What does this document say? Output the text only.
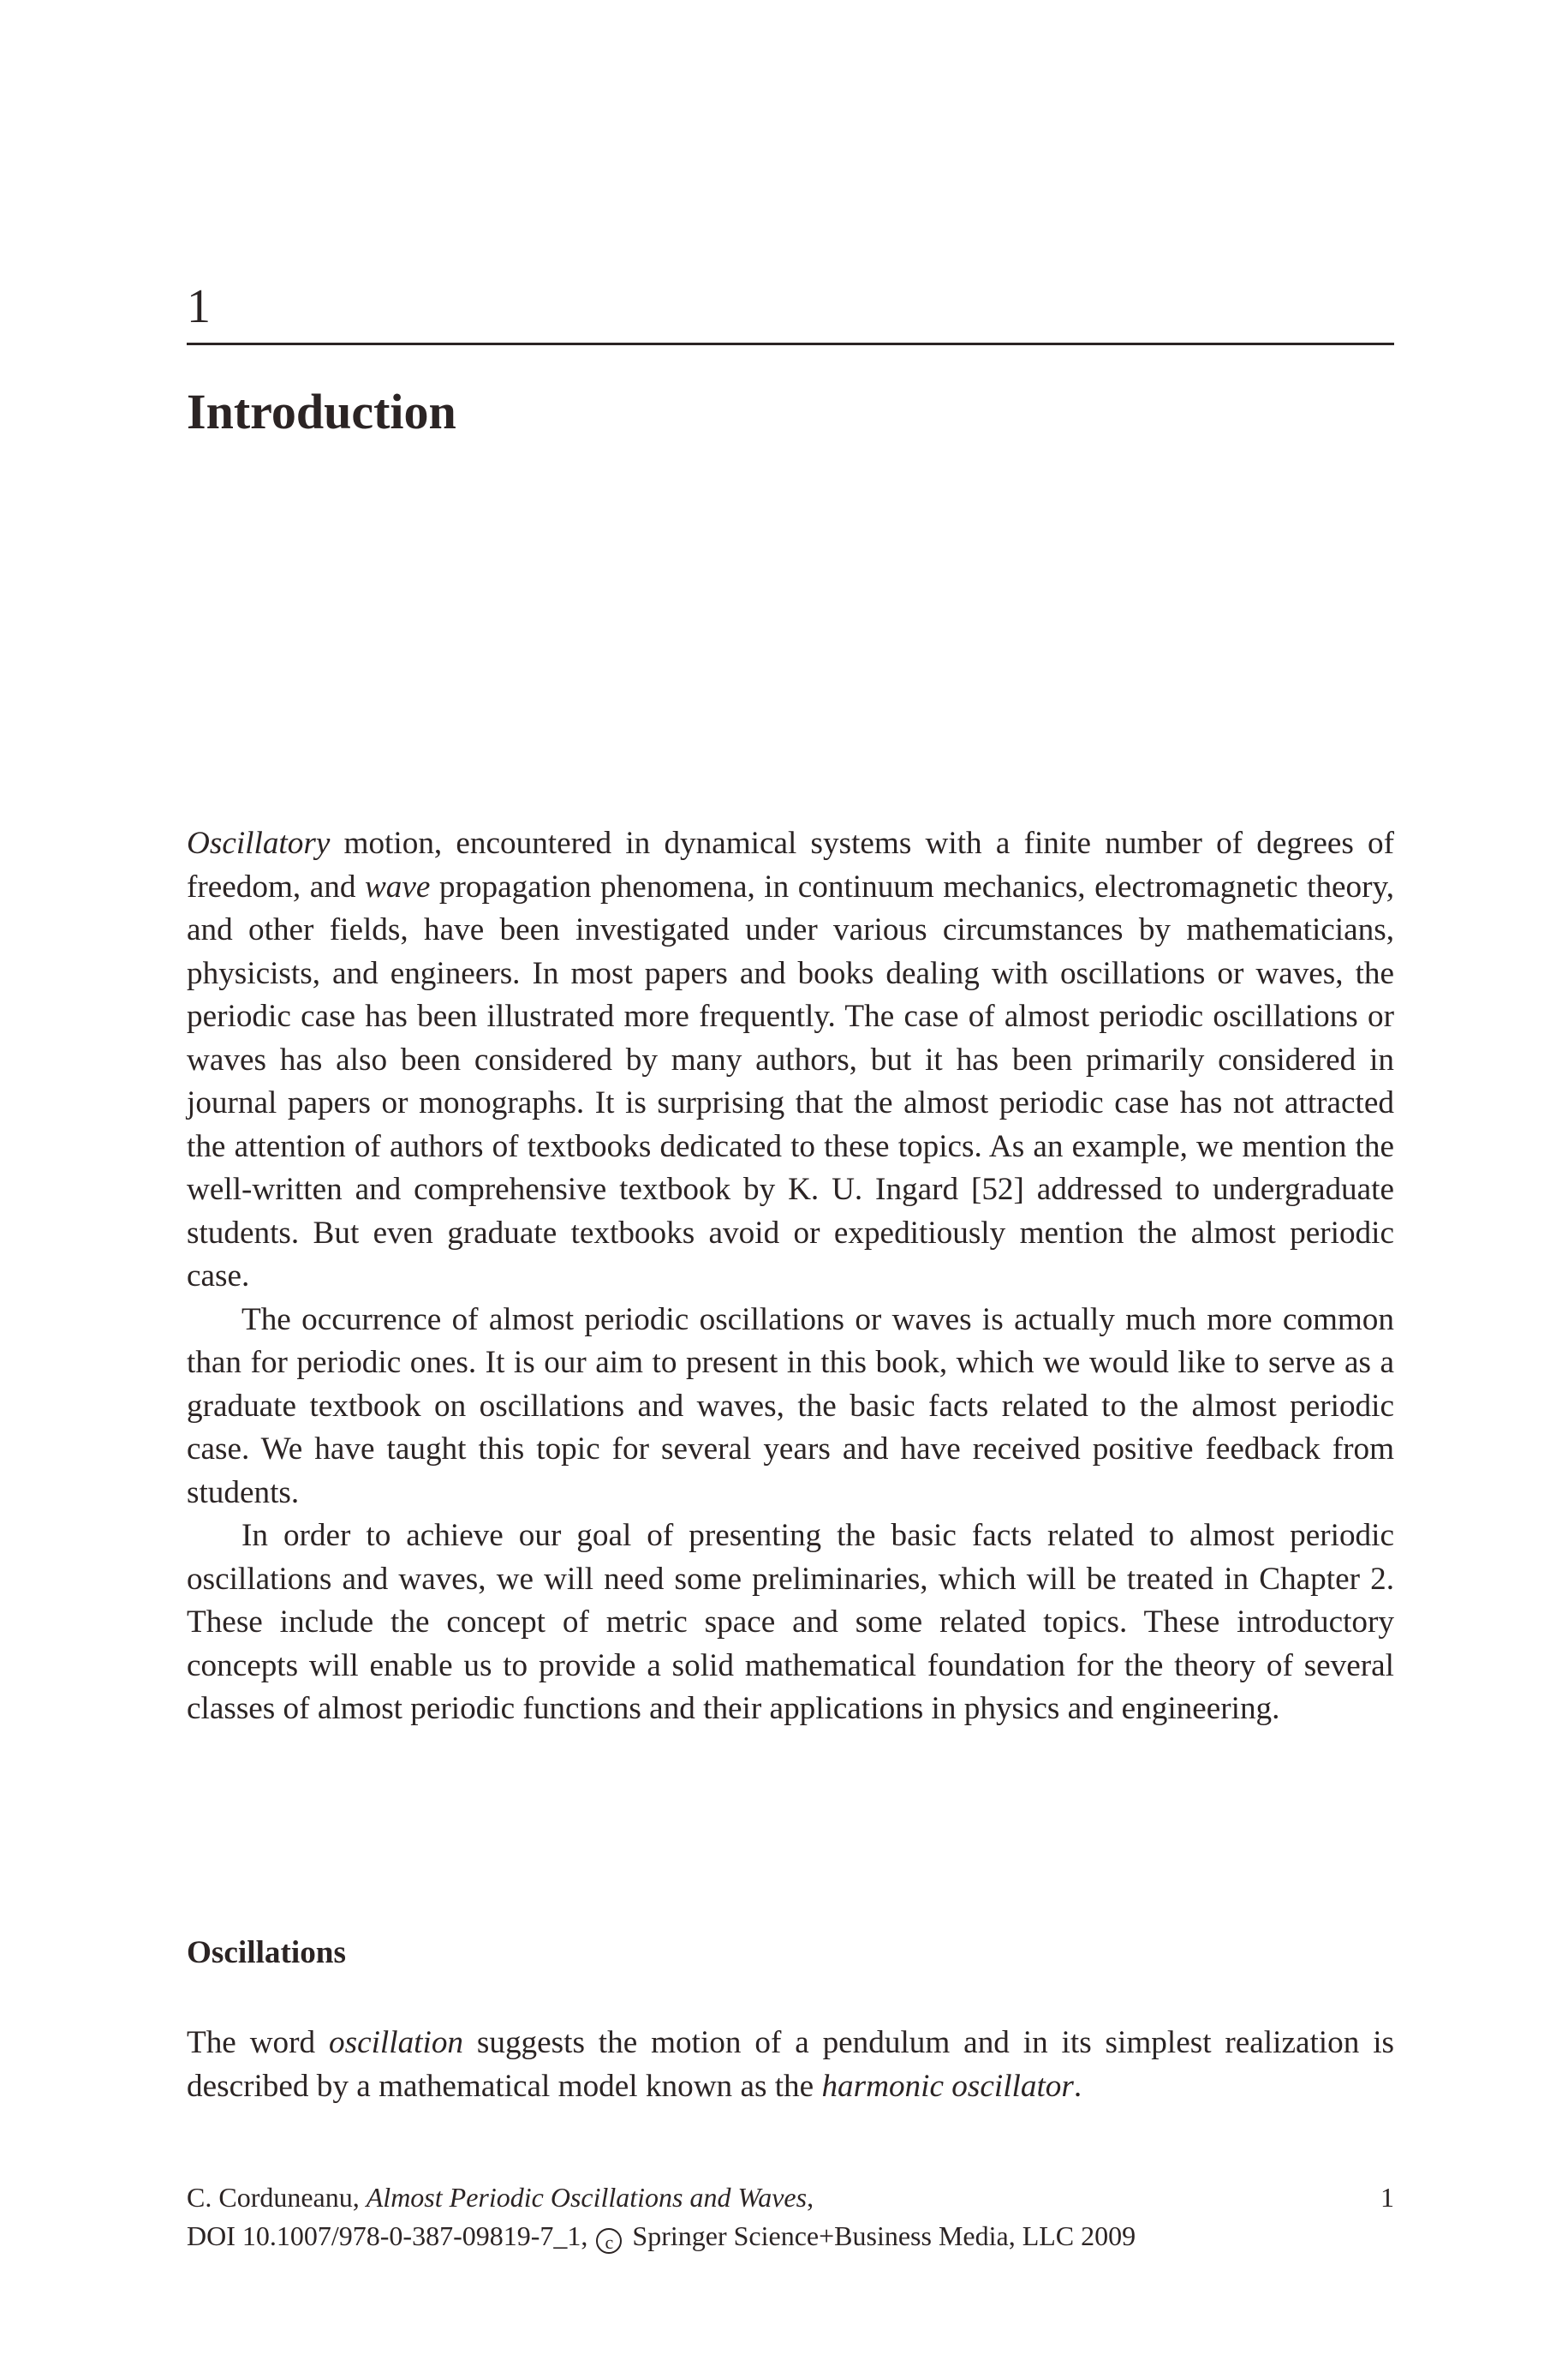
1
Introduction

Oscillatory motion, encountered in dynamical systems with a finite number of degrees of freedom, and wave propagation phenomena, in continuum mechanics, electromagnetic theory, and other fields, have been investigated under various circumstances by mathematicians, physicists, and engineers. In most papers and books dealing with oscillations or waves, the periodic case has been illustrated more frequently. The case of almost periodic oscillations or waves has also been considered by many authors, but it has been primarily considered in journal papers or monographs. It is surprising that the almost periodic case has not attracted the attention of authors of textbooks dedicated to these topics. As an example, we mention the well-written and comprehensive textbook by K. U. Ingard [52] addressed to undergraduate students. But even graduate textbooks avoid or expeditiously mention the almost periodic case.

The occurrence of almost periodic oscillations or waves is actually much more common than for periodic ones. It is our aim to present in this book, which we would like to serve as a graduate textbook on oscillations and waves, the basic facts related to the almost periodic case. We have taught this topic for several years and have received positive feedback from students.

In order to achieve our goal of presenting the basic facts related to almost periodic oscillations and waves, we will need some preliminaries, which will be treated in Chapter 2. These include the concept of metric space and some related topics. These introductory concepts will enable us to provide a solid mathematical foundation for the theory of several classes of almost periodic functions and their applications in physics and engineering.

Oscillations

The word oscillation suggests the motion of a pendulum and in its simplest realization is described by a mathematical model known as the harmonic oscillator.

C. Corduneanu, Almost Periodic Oscillations and Waves,	1
DOI 10.1007/978-0-387-09819-7_1, c Springer Science+Business Media, LLC 2009
